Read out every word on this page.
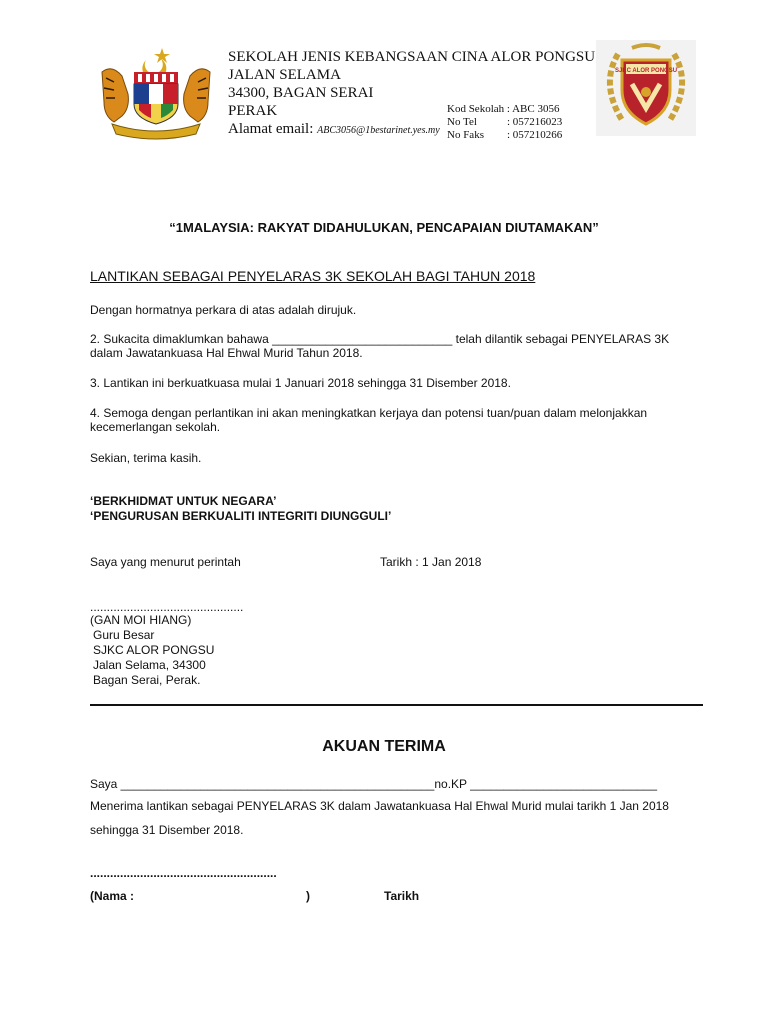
SEKOLAH JENIS KEBANGSAAN CINA ALOR PONGSU
JALAN SELAMA
34300, BAGAN SERAI
PERAK
Alamat email: ABC3056@1bestarinet.yes.my
Kod Sekolah : ABC 3056
No Tel	: 057216023
No Faks : 057210266
SJKC ALOR PONGSU
“1MALAYSIA: RAKYAT DIDAHULUKAN, PENCAPAIAN DIUTAMAKAN”
LANTIKAN SEBAGAI PENYELARAS 3K SEKOLAH BAGI TAHUN 2018
Dengan hormatnya perkara di atas adalah dirujuk.
2. Sukacita dimaklumkan bahawa ___________________________ telah dilantik sebagai PENYELARAS 3K
dalam Jawatankuasa Hal Ehwal Murid Tahun 2018.
3. Lantikan ini berkuatkuasa mulai 1 Januari 2018 sehingga 31 Disember 2018.
4. Semoga dengan perlantikan ini akan meningkatkan kerjaya dan potensi tuan/puan dalam melonjakkan
kecemerlangan sekolah.
Sekian, terima kasih.
‘BERKHIDMAT UNTUK NEGARA’
‘PENGURUSAN BERKUALITI INTEGRITI DIUNGGULI’
Saya yang menurut perintah	Tarikh : 1 Jan 2018
..............................................
(GAN MOI HIANG)
Guru Besar
SJKC ALOR PONGSU
Jalan Selama, 34300
Bagan Serai, Perak.
AKUAN TERIMA
Saya _______________________________________________no.KP ____________________________
Menerima lantikan sebagai PENYELARAS 3K dalam Jawatankuasa Hal Ehwal Murid mulai tarikh 1 Jan 2018
sehingga 31 Disember 2018.
........................................................
(Nama :	)	Tarikh
